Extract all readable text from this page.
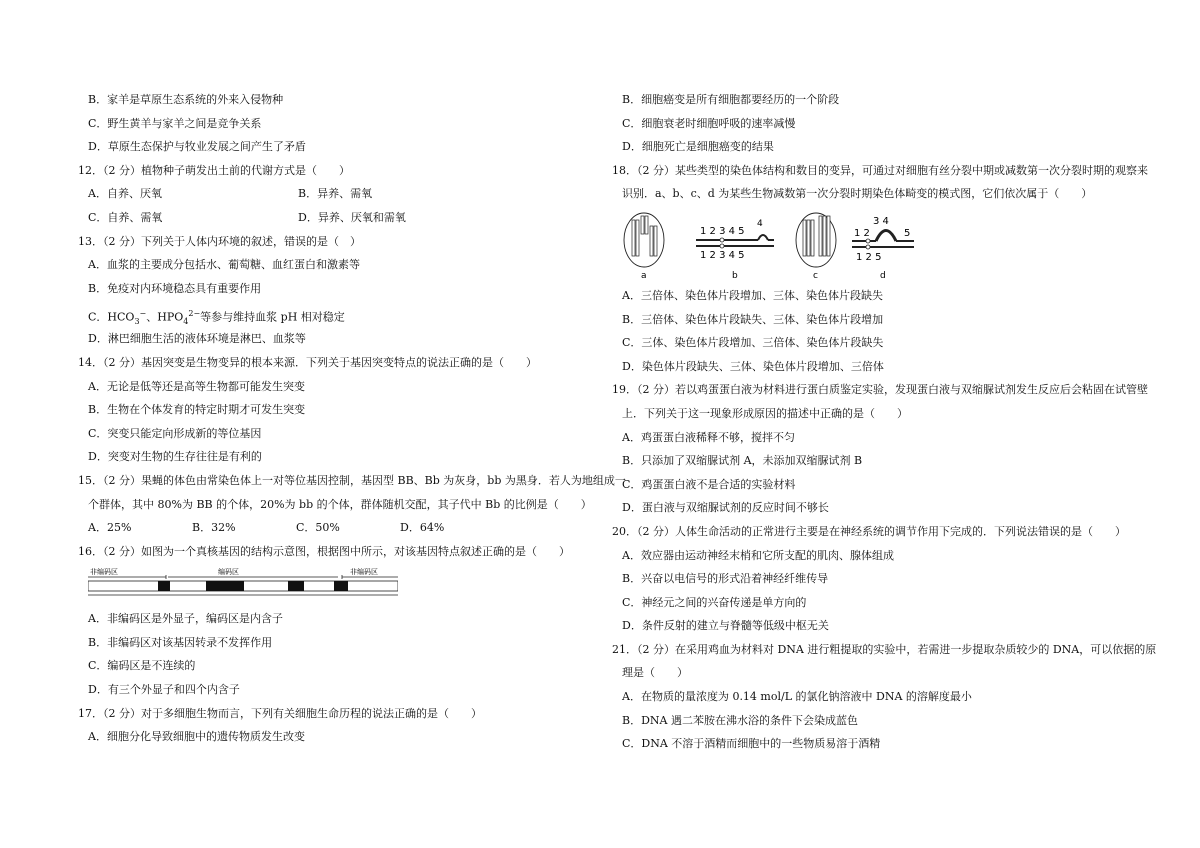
B．家羊是草原生态系统的外来入侵物种
C．野生黄羊与家羊之间是竞争关系
D．草原生态保护与牧业发展之间产生了矛盾
12．（2 分）植物种子萌发出土前的代谢方式是（　　）
A．自养、厌氧	B．异养、需氧
C．自养、需氧	D．异养、厌氧和需氧
13．（2 分）下列关于人体内环境的叙述，错误的是（　）
A．血浆的主要成分包括水、葡萄糖、血红蛋白和激素等
B．免疫对内环境稳态具有重要作用
C．$HCO_3^-$、$HPO_4^{2-}$等参与维持血浆 pH 相对稳定
D．淋巴细胞生活的液体环境是淋巴、血浆等
14．（2 分）基因突变是生物变异的根本来源．下列关于基因突变特点的说法正确的是（　　）
A．无论是低等还是高等生物都可能发生突变
B．生物在个体发育的特定时期才可发生突变
C．突变只能定向形成新的等位基因
D．突变对生物的生存往往是有利的
15．（2 分）果蝇的体色由常染色体上一对等位基因控制，基因型 BB、Bb 为灰身，bb 为黑身．若人为地组成一
个群体，其中 80%为 BB 的个体，20%为 bb 的个体，群体随机交配，其子代中 Bb 的比例是（　　）
A．25%	B．32%	C．50%	D．64%
16．（2 分）如图为一个真核基因的结构示意图，根据图中所示，对该基因特点叙述正确的是（　　）
非编码区	编码区	非编码区
A．非编码区是外显子，编码区是内含子
B．非编码区对该基因转录不发挥作用
C．编码区是不连续的
D．有三个外显子和四个内含子
17．（2 分）对于多细胞生物而言，下列有关细胞生命历程的说法正确的是（　　）
A．细胞分化导致细胞中的遗传物质发生改变
B．细胞癌变是所有细胞都要经历的一个阶段
C．细胞衰老时细胞呼吸的速率减慢
D．细胞死亡是细胞癌变的结果
18．（2 分）某些类型的染色体结构和数目的变异，可通过对细胞有丝分裂中期或减数第一次分裂时期的观察来
识别．a、b、c、d 为某些生物减数第一次分裂时期染色体畸变的模式图，它们依次属于（　　）
a
1 2 3 4 5
4
1 2 3 4 5
b	c
3 4
1 2	5
1 2 5
d
A．三倍体、染色体片段增加、三体、染色体片段缺失
B．三倍体、染色体片段缺失、三体、染色体片段增加
C．三体、染色体片段增加、三倍体、染色体片段缺失
D．染色体片段缺失、三体、染色体片段增加、三倍体
19．（2 分）若以鸡蛋蛋白液为材料进行蛋白质鉴定实验，发现蛋白液与双缩脲试剂发生反应后会粘固在试管壁
上．下列关于这一现象形成原因的描述中正确的是（　　）
A．鸡蛋蛋白液稀释不够，搅拌不匀
B．只添加了双缩脲试剂 A，未添加双缩脲试剂 B
C．鸡蛋蛋白液不是合适的实验材料
D．蛋白液与双缩脲试剂的反应时间不够长
20．（2 分）人体生命活动的正常进行主要是在神经系统的调节作用下完成的．下列说法错误的是（　　）
A．效应器由运动神经末梢和它所支配的肌肉、腺体组成
B．兴奋以电信号的形式沿着神经纤维传导
C．神经元之间的兴奋传递是单方向的
D．条件反射的建立与脊髓等低级中枢无关
21．（2 分）在采用鸡血为材料对 DNA 进行粗提取的实验中，若需进一步提取杂质较少的 DNA，可以依据的原
理是（　　）
A．在物质的量浓度为 0.14 mol/L 的氯化钠溶液中 DNA 的溶解度最小
B．DNA 遇二苯胺在沸水浴的条件下会染成蓝色
C．DNA 不溶于酒精而细胞中的一些物质易溶于酒精
